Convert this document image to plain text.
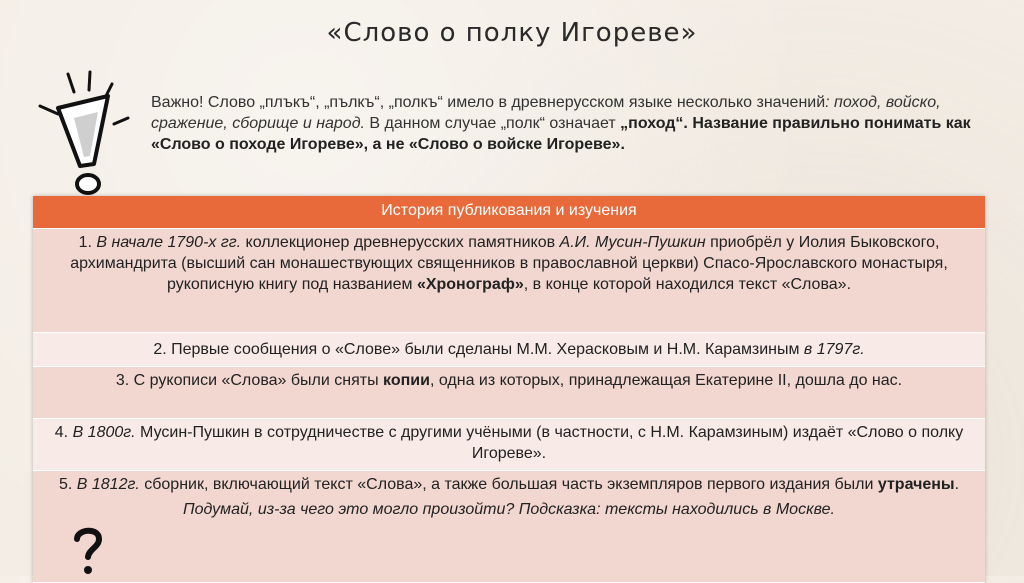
«Слово о полку Игореве»
Важно! Слово „плъкъ“, „пълкъ“, „полкъ“ имело в древнерусском языке несколько значений: поход, войско, сражение, сборище и народ. В данном случае „полк“ означает „поход“. Название правильно понимать как «Слово о походе Игореве», а не «Слово о войске Игореве».
История публикования и изучения
1. В начале 1790-х гг. коллекционер древнерусских памятников А.И. Мусин-Пушкин приобрёл у Иолия Быковского, архимандрита (высший сан монашествующих священников в православной церкви) Спасо-Ярославского монастыря, рукописную книгу под названием «Хронограф», в конце которой находился текст «Слова».
2. Первые сообщения о «Слове» были сделаны М.М. Херасковым и Н.М. Карамзиным в 1797г.
3. С рукописи «Слова» были сняты копии, одна из которых, принадлежащая Екатерине II, дошла до нас.
4. В 1800г. Мусин-Пушкин в сотрудничестве с другими учёными (в частности, с Н.М. Карамзиным) издаёт «Слово о полку Игореве».
5. В 1812г. сборник, включающий текст «Слова», а также большая часть экземпляров первого издания были утрачены.
Подумай, из-за чего это могло произойти? Подсказка: тексты находились в Москве.
